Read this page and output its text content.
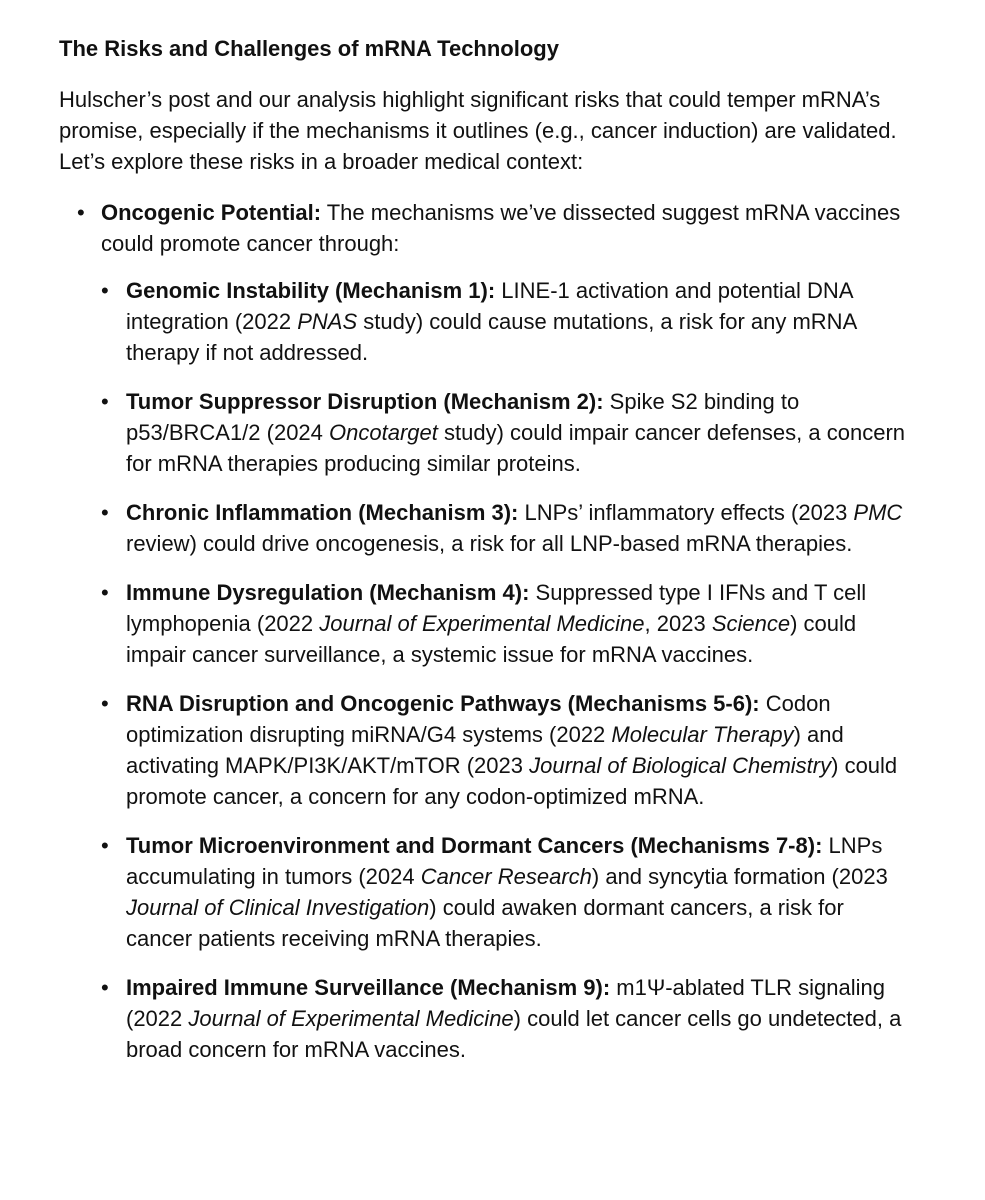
The Risks and Challenges of mRNA Technology
Hulscher’s post and our analysis highlight significant risks that could temper mRNA’s promise, especially if the mechanisms it outlines (e.g., cancer induction) are validated. Let’s explore these risks in a broader medical context:
• Oncogenic Potential: The mechanisms we’ve dissected suggest mRNA vaccines could promote cancer through:
• Genomic Instability (Mechanism 1): LINE-1 activation and potential DNA integration (2022 PNAS study) could cause mutations, a risk for any mRNA therapy if not addressed.
• Tumor Suppressor Disruption (Mechanism 2): Spike S2 binding to p53/BRCA1/2 (2024 Oncotarget study) could impair cancer defenses, a concern for mRNA therapies producing similar proteins.
• Chronic Inflammation (Mechanism 3): LNPs’ inflammatory effects (2023 PMC review) could drive oncogenesis, a risk for all LNP-based mRNA therapies.
• Immune Dysregulation (Mechanism 4): Suppressed type I IFNs and T cell lymphopenia (2022 Journal of Experimental Medicine, 2023 Science) could impair cancer surveillance, a systemic issue for mRNA vaccines.
• RNA Disruption and Oncogenic Pathways (Mechanisms 5-6): Codon optimization disrupting miRNA/G4 systems (2022 Molecular Therapy) and activating MAPK/PI3K/AKT/mTOR (2023 Journal of Biological Chemistry) could promote cancer, a concern for any codon-optimized mRNA.
• Tumor Microenvironment and Dormant Cancers (Mechanisms 7-8): LNPs accumulating in tumors (2024 Cancer Research) and syncytia formation (2023 Journal of Clinical Investigation) could awaken dormant cancers, a risk for cancer patients receiving mRNA therapies.
• Impaired Immune Surveillance (Mechanism 9): m1Ψ-ablated TLR signaling (2022 Journal of Experimental Medicine) could let cancer cells go undetected, a broad concern for mRNA vaccines.
